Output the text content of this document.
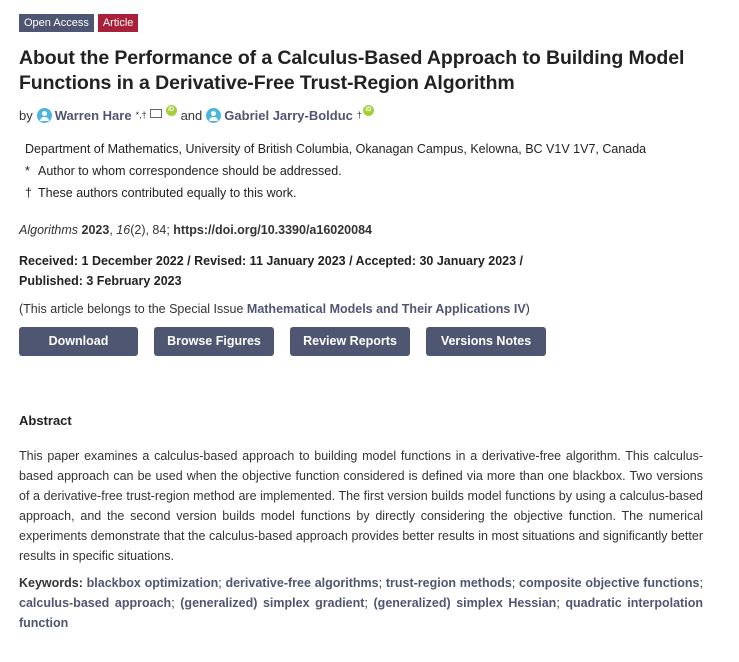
Open Access	Article
About the Performance of a Calculus-Based Approach to Building Model Functions in a Derivative-Free Trust-Region Algorithm
by Warren Hare *,†
iD and Gabriel Jarry-Bolduc †
iD
Department of Mathematics, University of British Columbia, Okanagan Campus, Kelowna, BC V1V 1V7, Canada
* Author to whom correspondence should be addressed.
† These authors contributed equally to this work.
Algorithms 2023, 16(2), 84; https://doi.org/10.3390/a16020084
Received: 1 December 2022 / Revised: 11 January 2023 / Accepted: 30 January 2023 /
Published: 3 February 2023
(This article belongs to the Special Issue Mathematical Models and Their Applications IV)
Download	Browse Figures	Review Reports	Versions Notes
Abstract
This paper examines a calculus-based approach to building model functions in a derivative-free algorithm. This calculus-based approach can be used when the objective function considered is defined via more than one blackbox. Two versions of a derivative-free trust-region method are implemented. The first version builds model functions by using a calculus-based approach, and the second version builds model functions by directly considering the objective function. The numerical experiments demonstrate that the calculus-based approach provides better results in most situations and significantly better results in specific situations.
Keywords: blackbox optimization; derivative-free algorithms; trust-region methods; composite objective functions; calculus-based approach; (generalized) simplex gradient; (generalized) simplex Hessian; quadratic interpolation function
